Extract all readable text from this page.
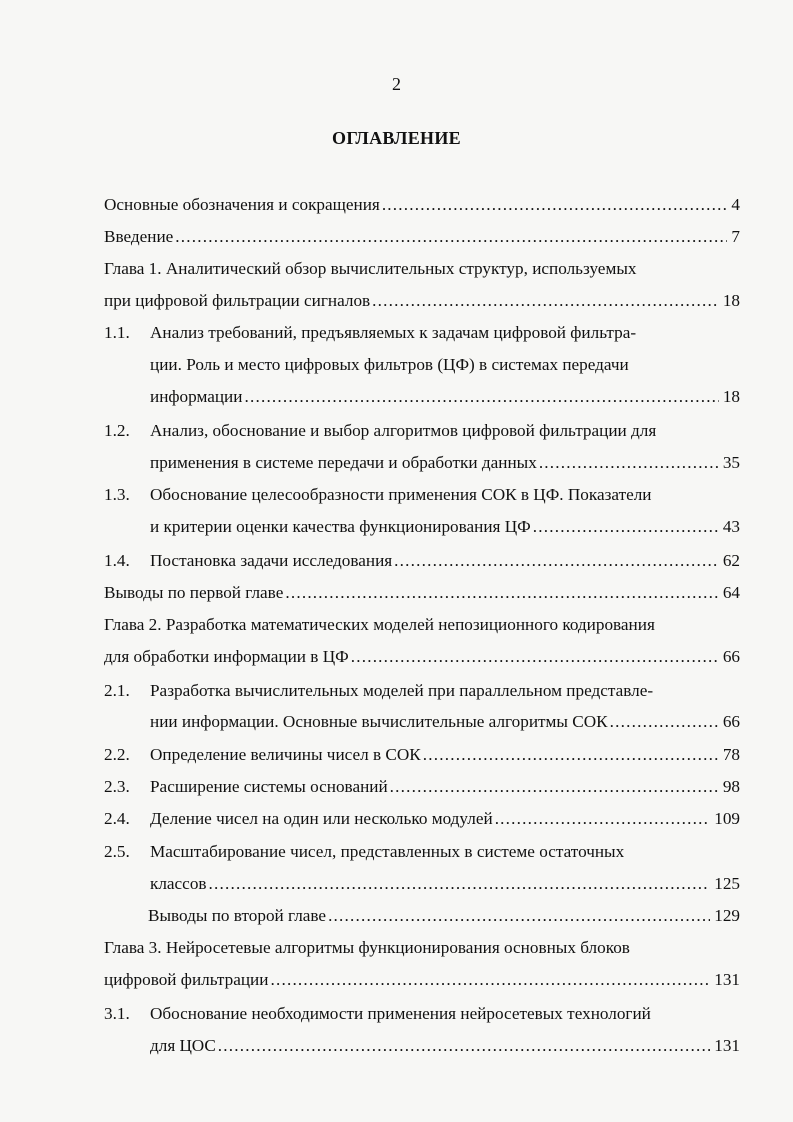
2
ОГЛАВЛЕНИЕ
Основные обозначения и сокращения .....	4
Введение .....	7
Глава 1. Аналитический обзор вычислительных структур, используемых
при цифровой фильтрации сигналов .....	18
1.1. Анализ требований, предъявляемых к задачам цифровой фильтра-
ции. Роль и место цифровых фильтров (ЦФ) в системах передачи
информации .....	18
1.2. Анализ, обоснование и выбор алгоритмов цифровой фильтрации для
применения в системе передачи и обработки данных .....	35
1.3. Обоснование целесообразности применения СОК в ЦФ. Показатели
и критерии оценки качества функционирования ЦФ .....	43
1.4. Постановка задачи исследования .....	62
Выводы по первой главе .....	64
Глава 2. Разработка математических моделей непозиционного кодирования
для обработки информации в ЦФ .....	66
2.1. Разработка вычислительных моделей при параллельном представле-
нии информации. Основные вычислительные алгоритмы СОК .....	66
2.2. Определение величины чисел в СОК .....	78
2.3. Расширение системы оснований .....	98
2.4. Деление чисел на один или несколько модулей .....	109
2.5. Масштабирование чисел, представленных в системе остаточных
классов .....	125
Выводы по второй главе .....	129
Глава 3. Нейросетевые алгоритмы функционирования основных блоков
цифровой фильтрации .....	131
3.1. Обоснование необходимости применения нейросетевых технологий
для ЦОС .....	131
